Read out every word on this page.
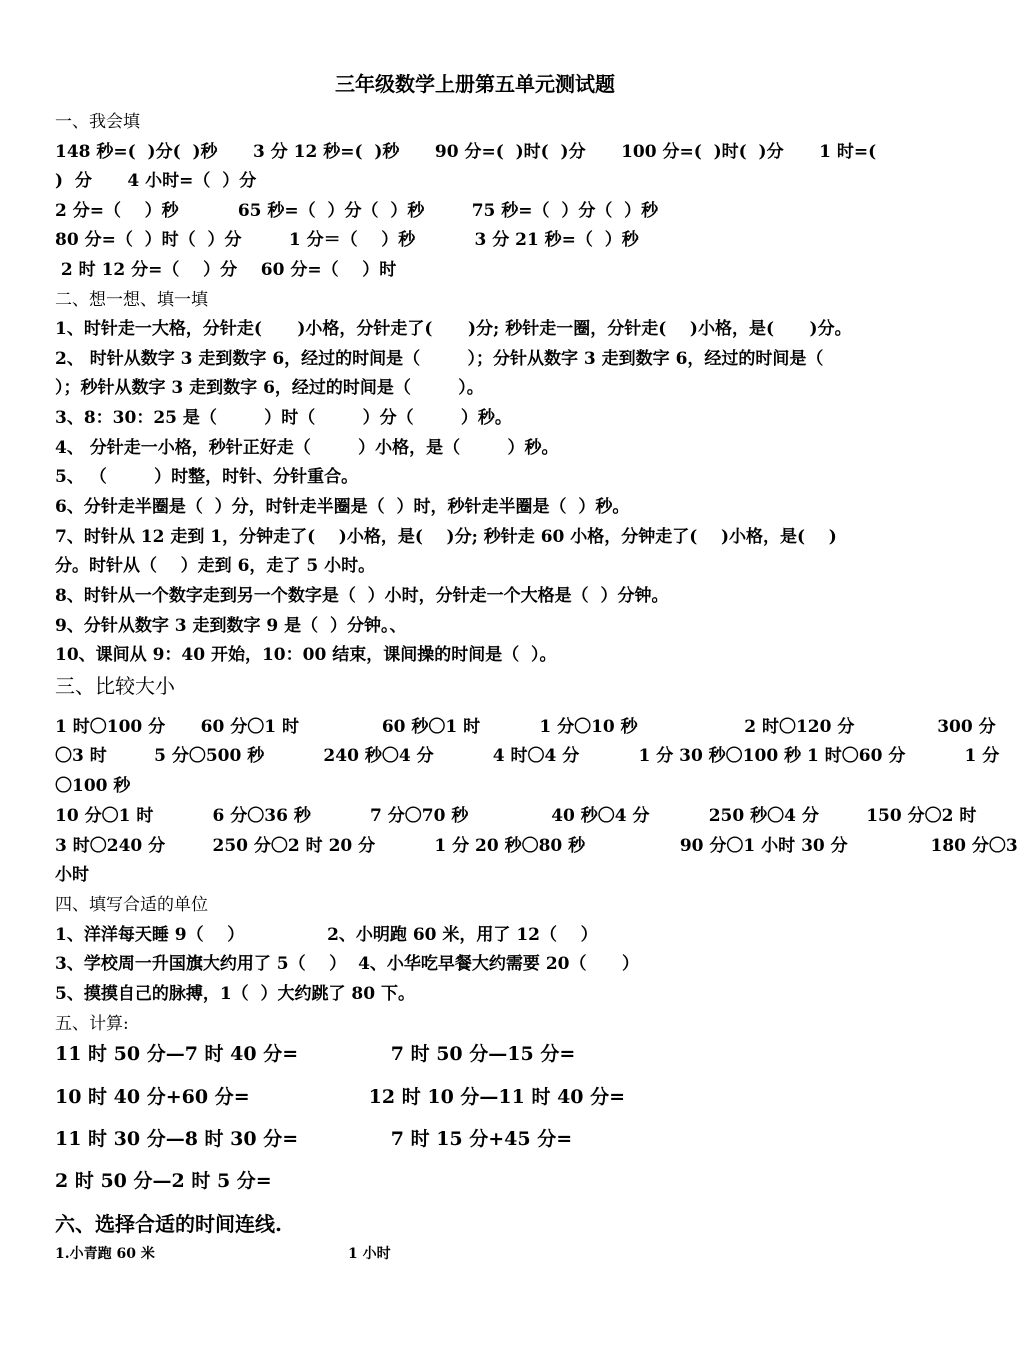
三年级数学上册第五单元测试题
一、我会填
148 秒=(  )分(  )秒      3 分 12 秒=(  )秒      90 分=(  )时(  )分      100 分=(  )时(  )分      1 时=(
)  分      4 小时=（  ）分
2 分=（    ）秒          65 秒=（  ）分（  ）秒        75 秒=（  ）分（  ）秒
80 分=（  ）时（  ）分        1 分＝（    ）秒          3 分 21 秒=（  ）秒
2 时 12 分=（    ）分    60 分=（    ）时
二、想一想、填一填
1、时针走一大格，分针走(      )小格，分针走了(      )分; 秒针走一圈，分针走(    )小格，是(      )分。
2、 时针从数字 3 走到数字 6，经过的时间是（        ）；分针从数字 3 走到数字 6，经过的时间是（
）；秒针从数字 3 走到数字 6，经过的时间是（        ）。
3、8：30：25 是（        ）时（        ）分（        ）秒。
4、 分针走一小格，秒针正好走（        ）小格，是（        ）秒。
5、 （        ）时整，时针、分针重合。
6、分针走半圈是（  ）分，时针走半圈是（  ）时，秒针走半圈是（  ）秒。
7、时针从 12 走到 1，分钟走了(    )小格，是(    )分; 秒针走 60 小格，分钟走了(    )小格，是(    )
分。时针从（    ）走到 6，走了 5 小时。
8、时针从一个数字走到另一个数字是（  ）小时，分针走一个大格是（  ）分钟。
9、分针从数字 3 走到数字 9 是（  ）分钟。、
10、课间从 9：40 开始，10：00 结束，课间操的时间是（  ）。
三、比较大小
1 时〇100 分      60 分〇1 时              60 秒〇1 时          1 分〇10 秒                  2 时〇120 分              300 分
〇3 时        5 分〇500 秒          240 秒〇4 分          4 时〇4 分          1 分 30 秒〇100 秒 1 时〇60 分          1 分
〇100 秒
10 分〇1 时          6 分〇36 秒          7 分〇70 秒              40 秒〇4 分          250 秒〇4 分        150 分〇2 时
3 时〇240 分        250 分〇2 时 20 分          1 分 20 秒〇80 秒                90 分〇1 小时 30 分              180 分〇3
小时
四、填写合适的单位
1、洋洋每天睡 9（    ）              2、小明跑 60 米，用了 12（    ）
3、学校周一升国旗大约用了 5（    ）  4、小华吃早餐大约需要 20（      ）
5、摸摸自己的脉搏，1（  ）大约跳了 80 下。
五、计算:
11 时 50 分—7 时 40 分=              7 时 50 分—15 分=
10 时 40 分+60 分=                  12 时 10 分—11 时 40 分=
11 时 30 分—8 时 30 分=              7 时 15 分+45 分=
2 时 50 分—2 时 5 分=
六、选择合适的时间连线.
1.小青跑 60 米	1 小时
